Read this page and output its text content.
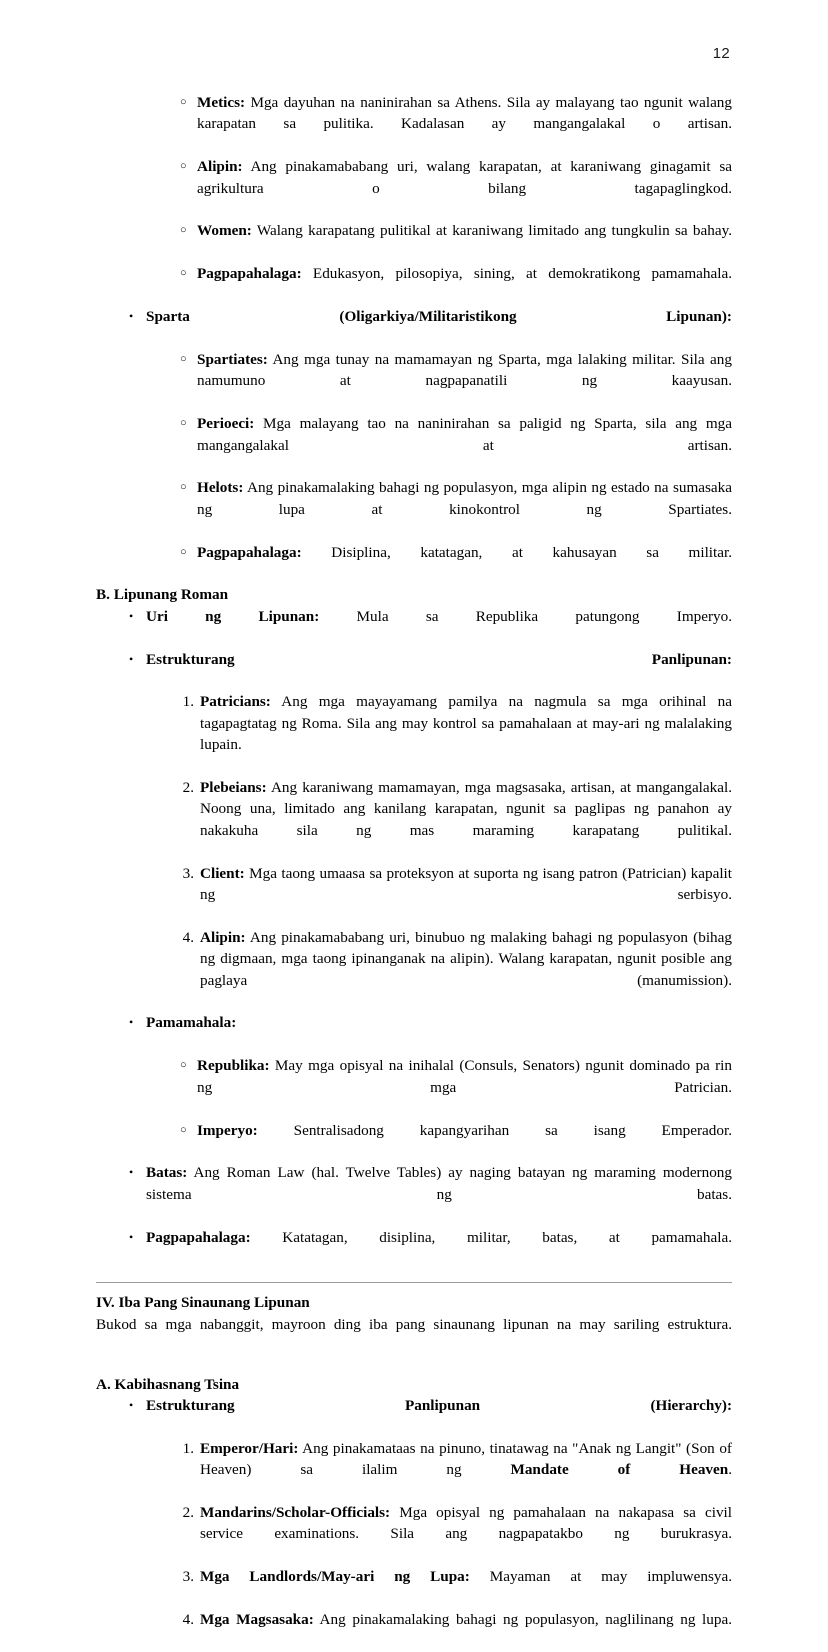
12
○ Metics: Mga dayuhan na naninirahan sa Athens. Sila ay malayang tao ngunit walang karapatan sa pulitika. Kadalasan ay mangangalakal o artisan.
○ Alipin: Ang pinakamababang uri, walang karapatan, at karaniwang ginagamit sa agrikultura o bilang tagapaglingkod.
○ Women: Walang karapatang pulitikal at karaniwang limitado ang tungkulin sa bahay.
○ Pagpapahalaga: Edukasyon, pilosopiya, sining, at demokratikong pamamahala.
• Sparta (Oligarkiya/Militaristikong Lipunan):
○ Spartiates: Ang mga tunay na mamamayan ng Sparta, mga lalaking militar. Sila ang namumuno at nagpapanatili ng kaayusan.
○ Perioeci: Mga malayang tao na naninirahan sa paligid ng Sparta, sila ang mga mangangalakal at artisan.
○ Helots: Ang pinakamalaking bahagi ng populasyon, mga alipin ng estado na sumasaka ng lupa at kinokontrol ng Spartiates.
○ Pagpapahalaga: Disiplina, katatagan, at kahusayan sa militar.
B. Lipunang Roman
• Uri ng Lipunan: Mula sa Republika patungong Imperyo.
• Estrukturang Panlipunan:
1. Patricians: Ang mga mayayamang pamilya na nagmula sa mga orihinal na tagapagtatag ng Roma. Sila ang may kontrol sa pamahalaan at may-ari ng malalaking lupain.
2. Plebeians: Ang karaniwang mamamayan, mga magsasaka, artisan, at mangangalakal. Noong una, limitado ang kanilang karapatan, ngunit sa paglipas ng panahon ay nakakuha sila ng mas maraming karapatang pulitikal.
3. Client: Mga taong umaasa sa proteksyon at suporta ng isang patron (Patrician) kapalit ng serbisyo.
4. Alipin: Ang pinakamababang uri, binubuo ng malaking bahagi ng populasyon (bihag ng digmaan, mga taong ipinanganak na alipin). Walang karapatan, ngunit posible ang paglaya (manumission).
• Pamamahala:
○ Republika: May mga opisyal na inihalal (Consuls, Senators) ngunit dominado pa rin ng mga Patrician.
○ Imperyo: Sentralisadong kapangyarihan sa isang Emperador.
• Batas: Ang Roman Law (hal. Twelve Tables) ay naging batayan ng maraming modernong sistema ng batas.
• Pagpapahalaga: Katatagan, disiplina, militar, batas, at pamamahala.
IV. Iba Pang Sinaunang Lipunan
Bukod sa mga nabanggit, mayroon ding iba pang sinaunang lipunan na may sariling estruktura.
A. Kabihasnang Tsina
• Estrukturang Panlipunan (Hierarchy):
1. Emperor/Hari: Ang pinakamataas na pinuno, tinatawag na "Anak ng Langit" (Son of Heaven) sa ilalim ng Mandate of Heaven.
2. Mandarins/Scholar-Officials: Mga opisyal ng pamahalaan na nakapasa sa civil service examinations. Sila ang nagpapatakbo ng burukrasya.
3. Mga Landlords/May-ari ng Lupa: Mayaman at may impluwensya.
4. Mga Magsasaka: Ang pinakamalaking bahagi ng populasyon, naglilinang ng lupa.
